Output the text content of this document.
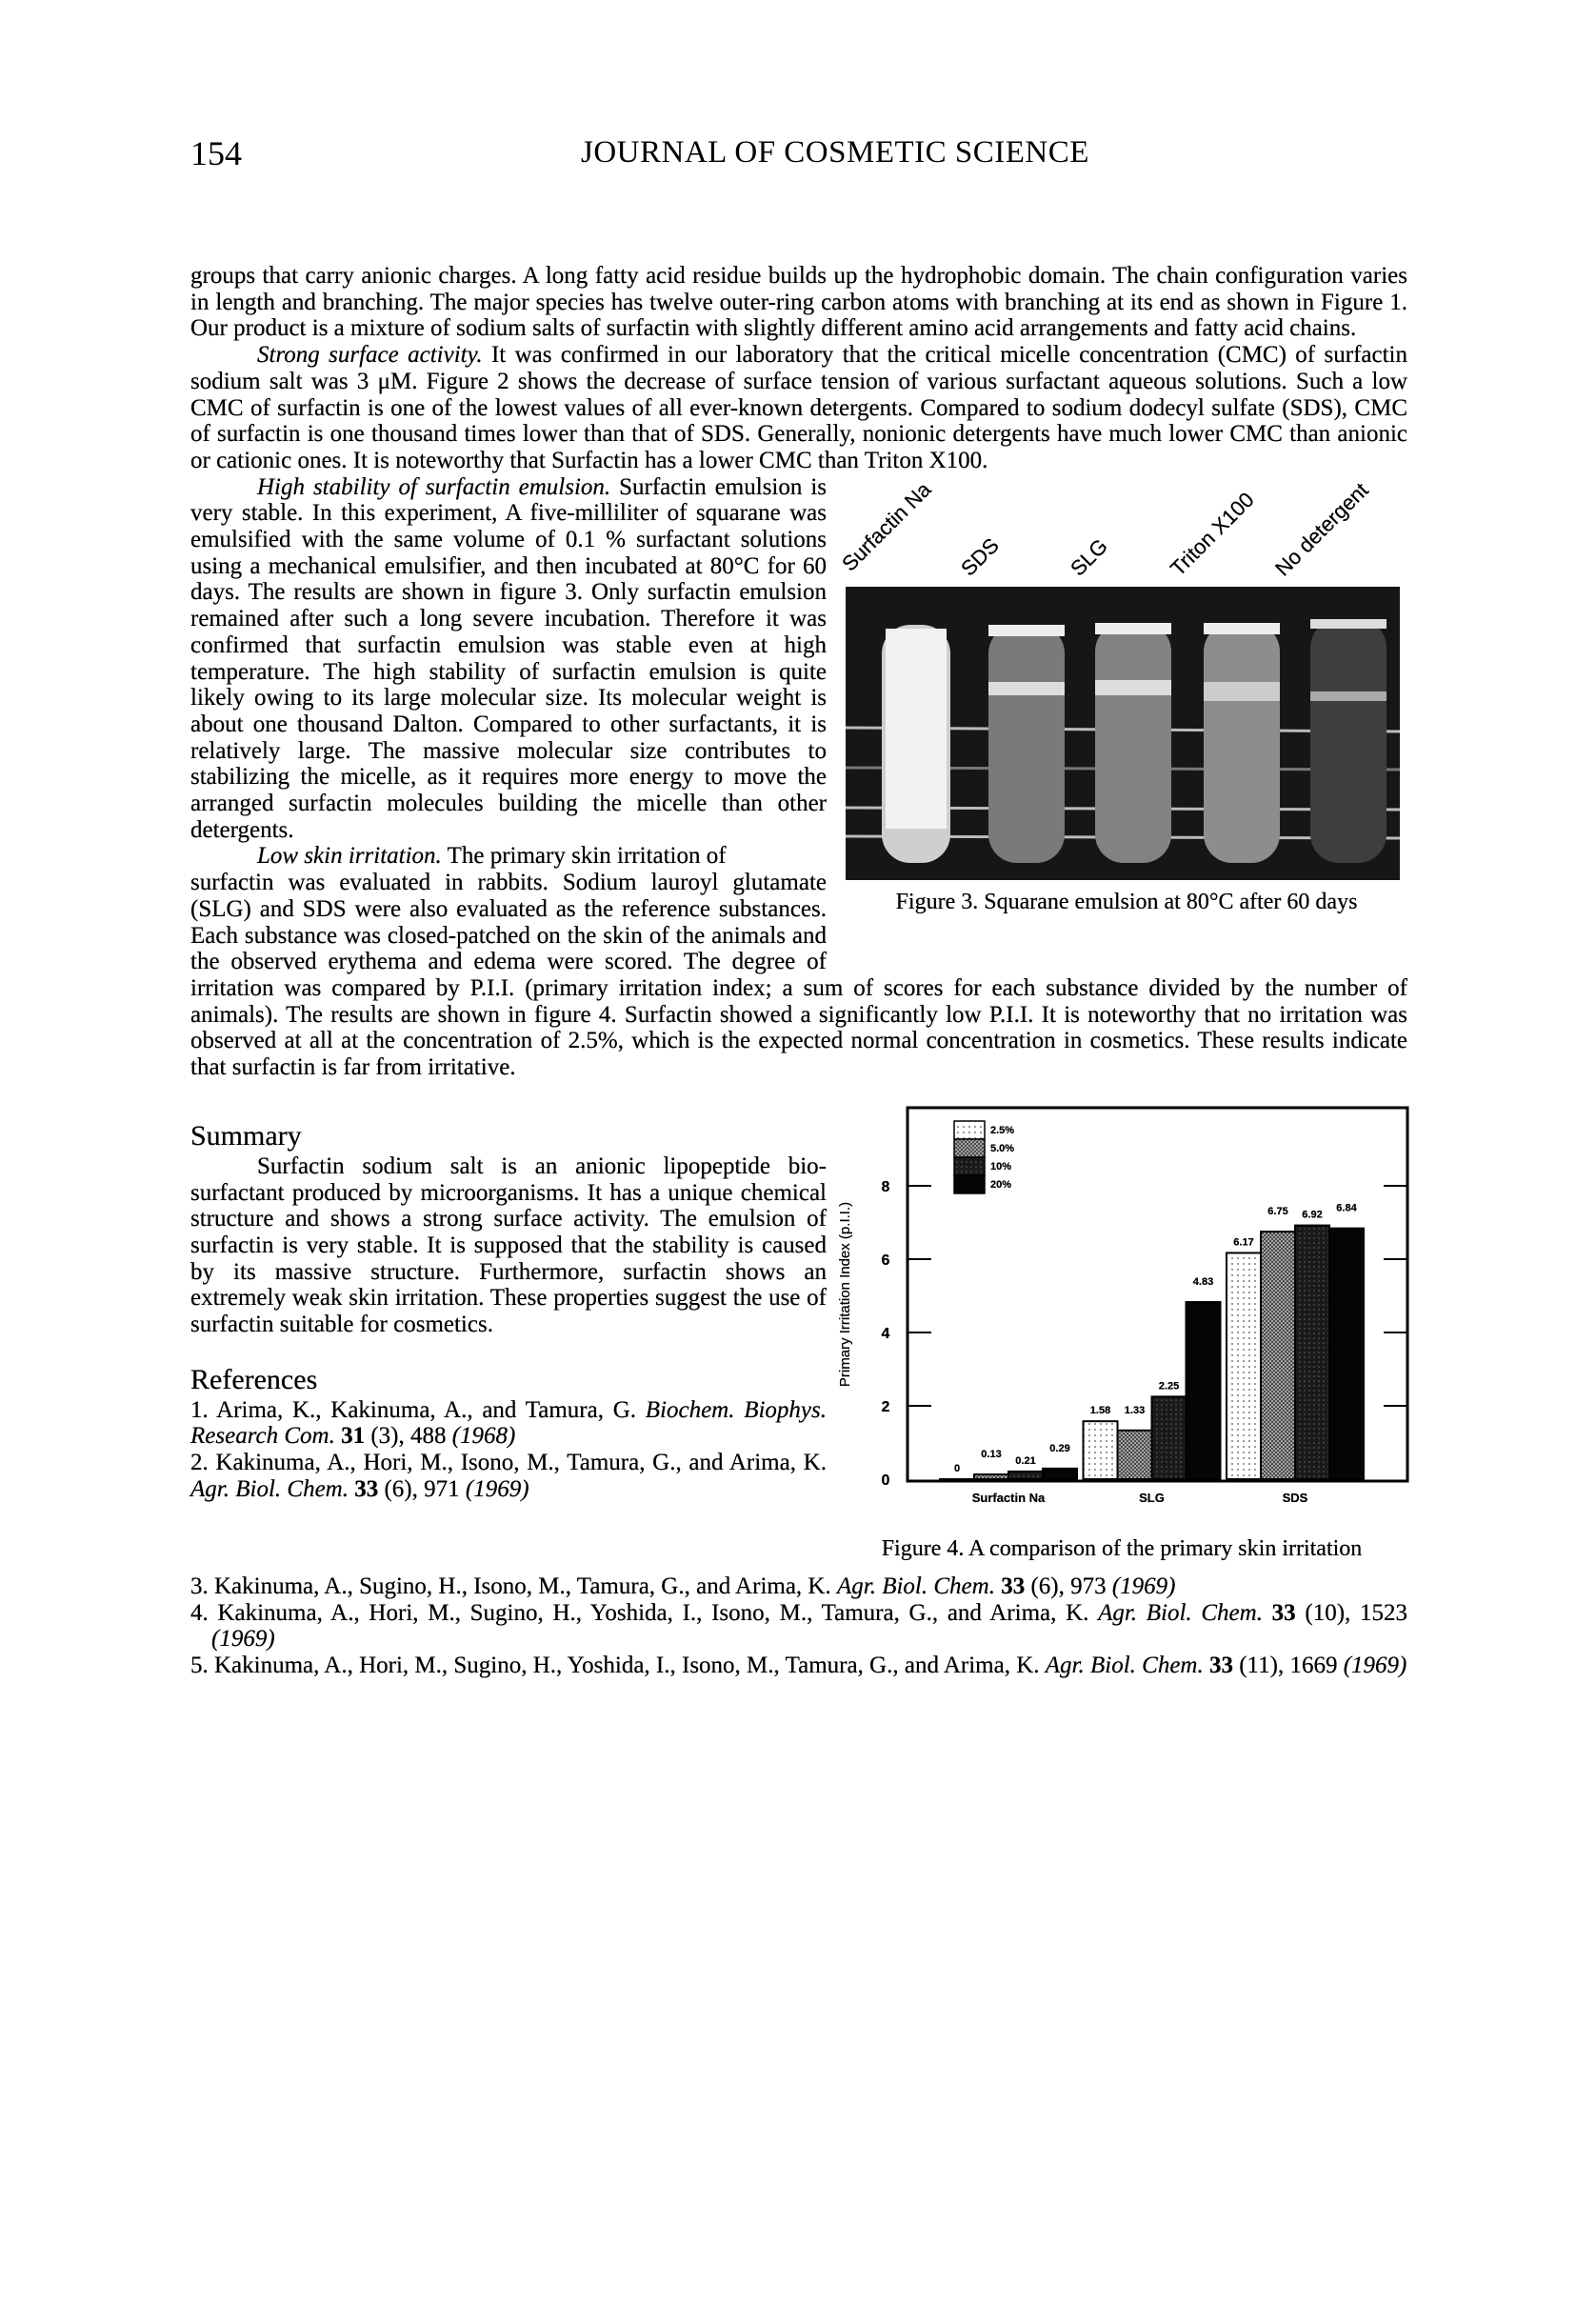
154	JOURNAL OF COSMETIC SCIENCE

groups that carry anionic charges. A long fatty acid residue builds up the hydrophobic domain. The chain configuration varies in length and branching. The major species has twelve outer-ring carbon atoms with branching at its end as shown in Figure 1. Our product is a mixture of sodium salts of surfactin with slightly different amino acid arrangements and fatty acid chains.

Strong surface activity. It was confirmed in our laboratory that the critical micelle concentration (CMC) of surfactin sodium salt was 3 μM. Figure 2 shows the decrease of surface tension of various surfactant aqueous solutions. Such a low CMC of surfactin is one of the lowest values of all ever-known detergents. Compared to sodium dodecyl sulfate (SDS), CMC of surfactin is one thousand times lower than that of SDS. Generally, nonionic detergents have much lower CMC than anionic or cationic ones. It is noteworthy that Surfactin has a lower CMC than Triton X100.

Surfactin Na SDS	SLG	Triton X100 No detergent
Figure 3. Squarane emulsion at 80°C after 60 days

High stability of surfactin emulsion. Surfactin emulsion is very stable. In this experiment, A five-milliliter of squarane was emulsified with the same volume of 0.1 % surfactant solutions using a mechanical emulsifier, and then incubated at 80°C for 60 days. The results are shown in figure 3. Only surfactin emulsion remained after such a long severe incubation. Therefore it was confirmed that surfactin emulsion was stable even at high temperature. The high stability of surfactin emulsion is quite likely owing to its large molecular size. Its molecular weight is about one thousand Dalton. Compared to other surfactants, it is relatively large. The massive molecular size contributes to stabilizing the micelle, as it requires more energy to move the arranged surfactin molecules building the micelle than other detergents.

Low skin irritation. The primary skin irritation of
surfactin was evaluated in rabbits. Sodium lauroyl glutamate (SLG) and SDS were also evaluated as the reference substances. Each substance was closed-patched on the skin of the animals and the observed erythema and edema were scored. The degree of irritation was compared by P.I.I. (primary irritation index; a sum of scores for each substance divided by the number of animals). The results are shown in figure 4. Surfactin showed a significantly low P.I.I. It is noteworthy that no irritation was observed at all at the concentration of 2.5%, which is the expected normal concentration in cosmetics. These results indicate that surfactin is far from irritative.

0
2
4
6
8
0
0.13
0.21
0.29
1.58 1.33
2.25
4.83
6.17
6.75 6.92
6.84
2.5%
5.0%
10%
20%
Primary Irritation Index (p.I.I.)
Surfactin Na	SLG	SDS
Figure 4. A comparison of the primary skin irritation
Summary

Surfactin sodium salt is an anionic lipopeptide bio-surfactant produced by microorganisms. It has a unique chemical structure and shows a strong surface activity. The emulsion of surfactin is very stable. It is supposed that the stability is caused by its massive structure. Furthermore, surfactin shows an extremely weak skin irritation. These properties suggest the use of surfactin suitable for cosmetics.

References

1. Arima, K., Kakinuma, A., and Tamura, G. Biochem. Biophys. Research Com. 31 (3), 488 (1968)

2. Kakinuma, A., Hori, M., Isono, M., Tamura, G., and Arima, K. Agr. Biol. Chem. 33 (6), 971 (1969)

3. Kakinuma, A., Sugino, H., Isono, M., Tamura, G., and Arima, K. Agr. Biol. Chem. 33 (6), 973 (1969)

4. Kakinuma, A., Hori, M., Sugino, H., Yoshida, I., Isono, M., Tamura, G., and Arima, K. Agr. Biol. Chem. 33 (10), 1523 (1969)

5. Kakinuma, A., Hori, M., Sugino, H., Yoshida, I., Isono, M., Tamura, G., and Arima, K. Agr. Biol. Chem. 33 (11), 1669 (1969)
